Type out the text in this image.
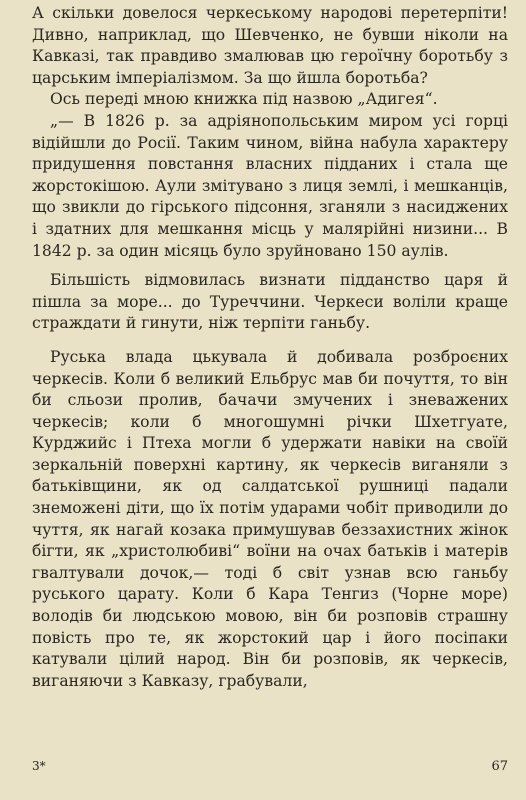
А скільки довелося черкеському народові перетерпіти! Дивно, наприклад, що Шевченко, не бувши ніколи на Кавказі, так правдиво змалював цю героїчну боротьбу з царським імперіалізмом. За що йшла боротьба?

Ось переді мною книжка під назвою „Адигея“.

„— В 1826 р. за адріянопольським миром усі горці відійшли до Росії. Таким чином, війна набула характеру придушення повстання власних підданих і стала ще жорстокішою. Аули змітувано з лиця землі, і мешканців, що звикли до гірського підсоння, зганяли з насиджених і здатних для мешкання місць у малярійні низини... В 1842 р. за один місяць було зруйновано 150 аулів.

Більшість відмовилась визнати підданство царя й пішла за море... до Туреччини. Черкеси воліли краще страждати й гинути, ніж терпіти ганьбу.

Руська влада цькувала й добивала розброєних черкесів. Коли б великий Ельбрус мав би почуття, то він би сльози пролив, бачачи змучених і зневажених черкесів; коли б многошумні річки Шхетгуате, Курджийс і Птеха могли б удержати навіки на своїй зеркальній поверхні картину, як черкесів виганяли з батьківщини, як од салдатської рушниці падали знеможені діти, що їх потім ударами чобіт приводили до чуття, як нагай козака примушував беззахистних жінок бігти, як „христолюбиві“ воїни на очах батьків і матерів гвалтували дочок,— тоді б світ узнав всю ганьбу руського царату. Коли б Кара Тенгиз (Чорне море) володів би людською мовою, він би розповів страшну повість про те, як жорстокий цар і його посіпаки катували цілий народ. Він би розповів, як черкесів, виганяючи з Кавказу, грабували,

3*	67
